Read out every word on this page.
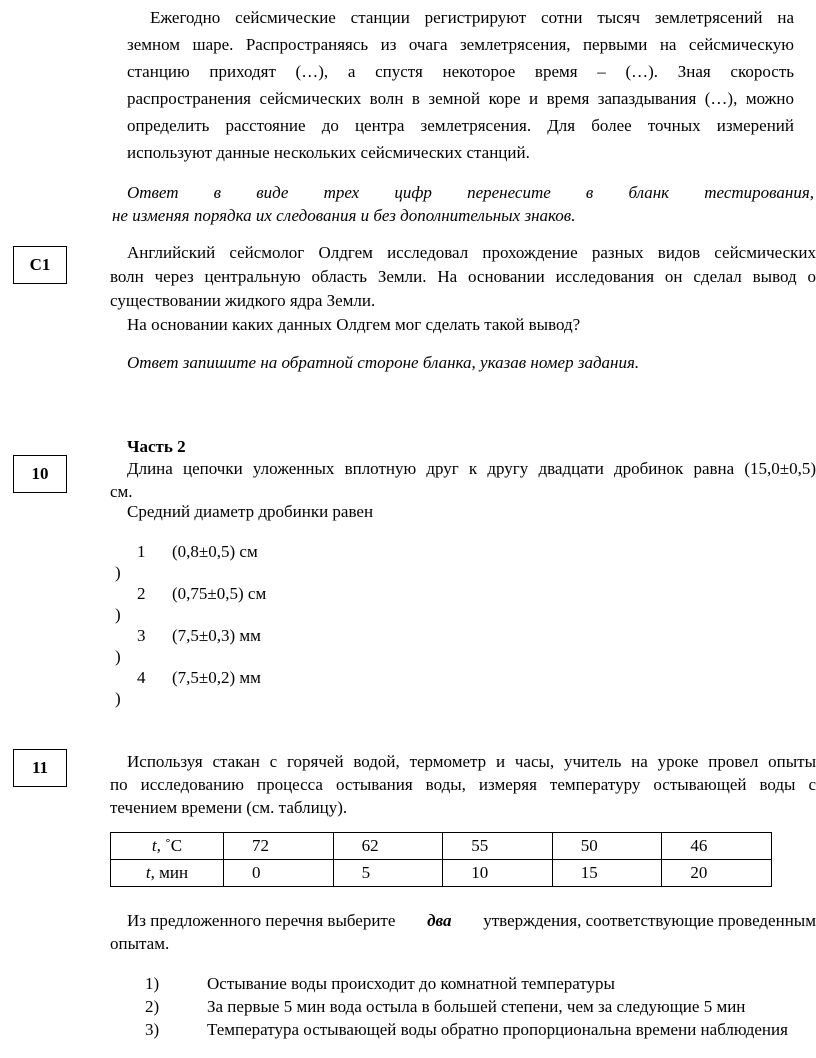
Ежегодно сейсмические станции регистрируют сотни тысяч землетрясений на
земном шаре. Распространяясь из очага землетрясения, первыми на сейсмическую
станцию приходят (…), а спустя некоторое время – (…). Зная скорость
распространения сейсмических волн в земной коре и время запаздывания (…), можно
определить расстояние до центра землетрясения. Для более точных измерений
используют данные нескольких сейсмических станций.
Ответ в виде трех цифр перенесите в бланк тестирования,
не изменяя порядка их следования и без дополнительных знаков.
С1
Английский сейсмолог Олдгем исследовал прохождение разных видов сейсмических
волн через центральную область Земли. На основании исследования он сделал вывод о
существовании жидкого ядра Земли.
На основании каких данных Олдгем мог сделать такой вывод?
Ответ запишите на обратной стороне бланка, указав номер задания.
Часть 2
10	Длина цепочки уложенных вплотную друг к другу двадцати дробинок равна (15,0±0,5)
см.
Средний диаметр дробинки равен
1 (0,8±0,5) см
)
2 (0,75±0,5) см
)
3 (7,5±0,3) мм
)
4 (7,5±0,2) мм
)
11	Используя стакан с горячей водой, термометр и часы, учитель на уроке провел опыты
по исследованию процесса остывания воды, измеряя температуру остывающей воды с
течением времени (см. таблицу).
t, ˚С	72	62	55	50	46
t, мин	0	5	10	15	20
Из предложенного перечня выберите два утверждения, соответствующие проведенным
опытам.
1)	Остывание воды происходит до комнатной температуры
2)	За первые 5 мин вода остыла в большей степени, чем за следующие 5 мин
3)	Температура остывающей воды обратно пропорциональна времени наблюдения
